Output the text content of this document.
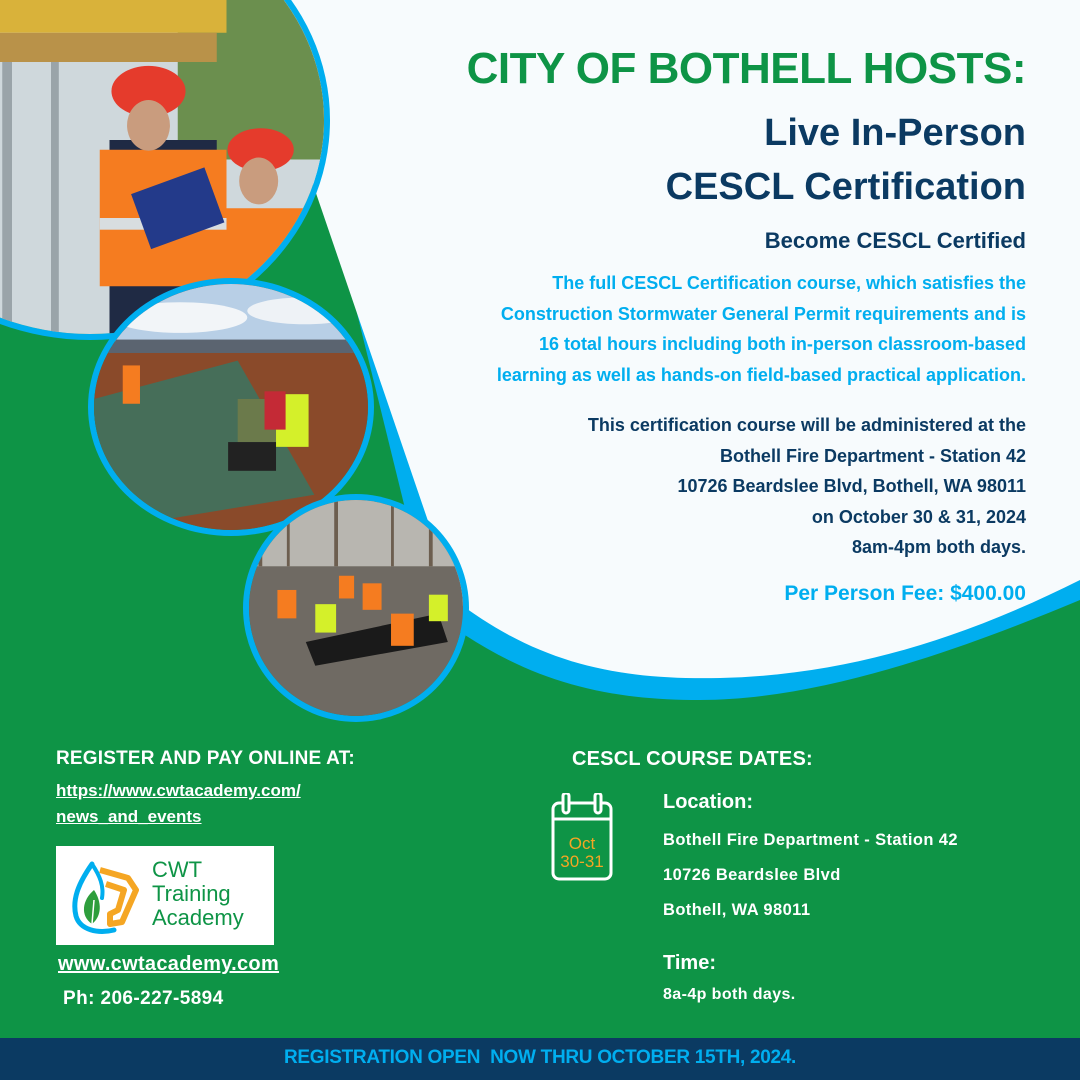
CITY OF BOTHELL HOSTS:
Live In-Person
CESCL Certification
Become CESCL Certified
The full CESCL Certification course, which satisfies the
Construction Stormwater General Permit requirements and is
16 total hours including both in-person classroom-based
learning as well as hands-on field-based practical application.
This certification course will be administered at the
Bothell Fire Department - Station 42
10726 Beardslee Blvd, Bothell, WA 98011
on October 30 & 31, 2024
8am-4pm both days.
Per Person Fee: $400.00
REGISTER AND PAY ONLINE AT:
https://www.cwtacademy.com/
news_and_events
CWT
Training
Academy
www.cwtacademy.com
Ph: 206-227-5894
CESCL COURSE DATES:
Oct
30-31
Location:
Bothell Fire Department - Station 42
10726 Beardslee Blvd
Bothell, WA 98011
Time:
8a-4p both days.
REGISTRATION OPEN  NOW THRU OCTOBER 15TH, 2024.
